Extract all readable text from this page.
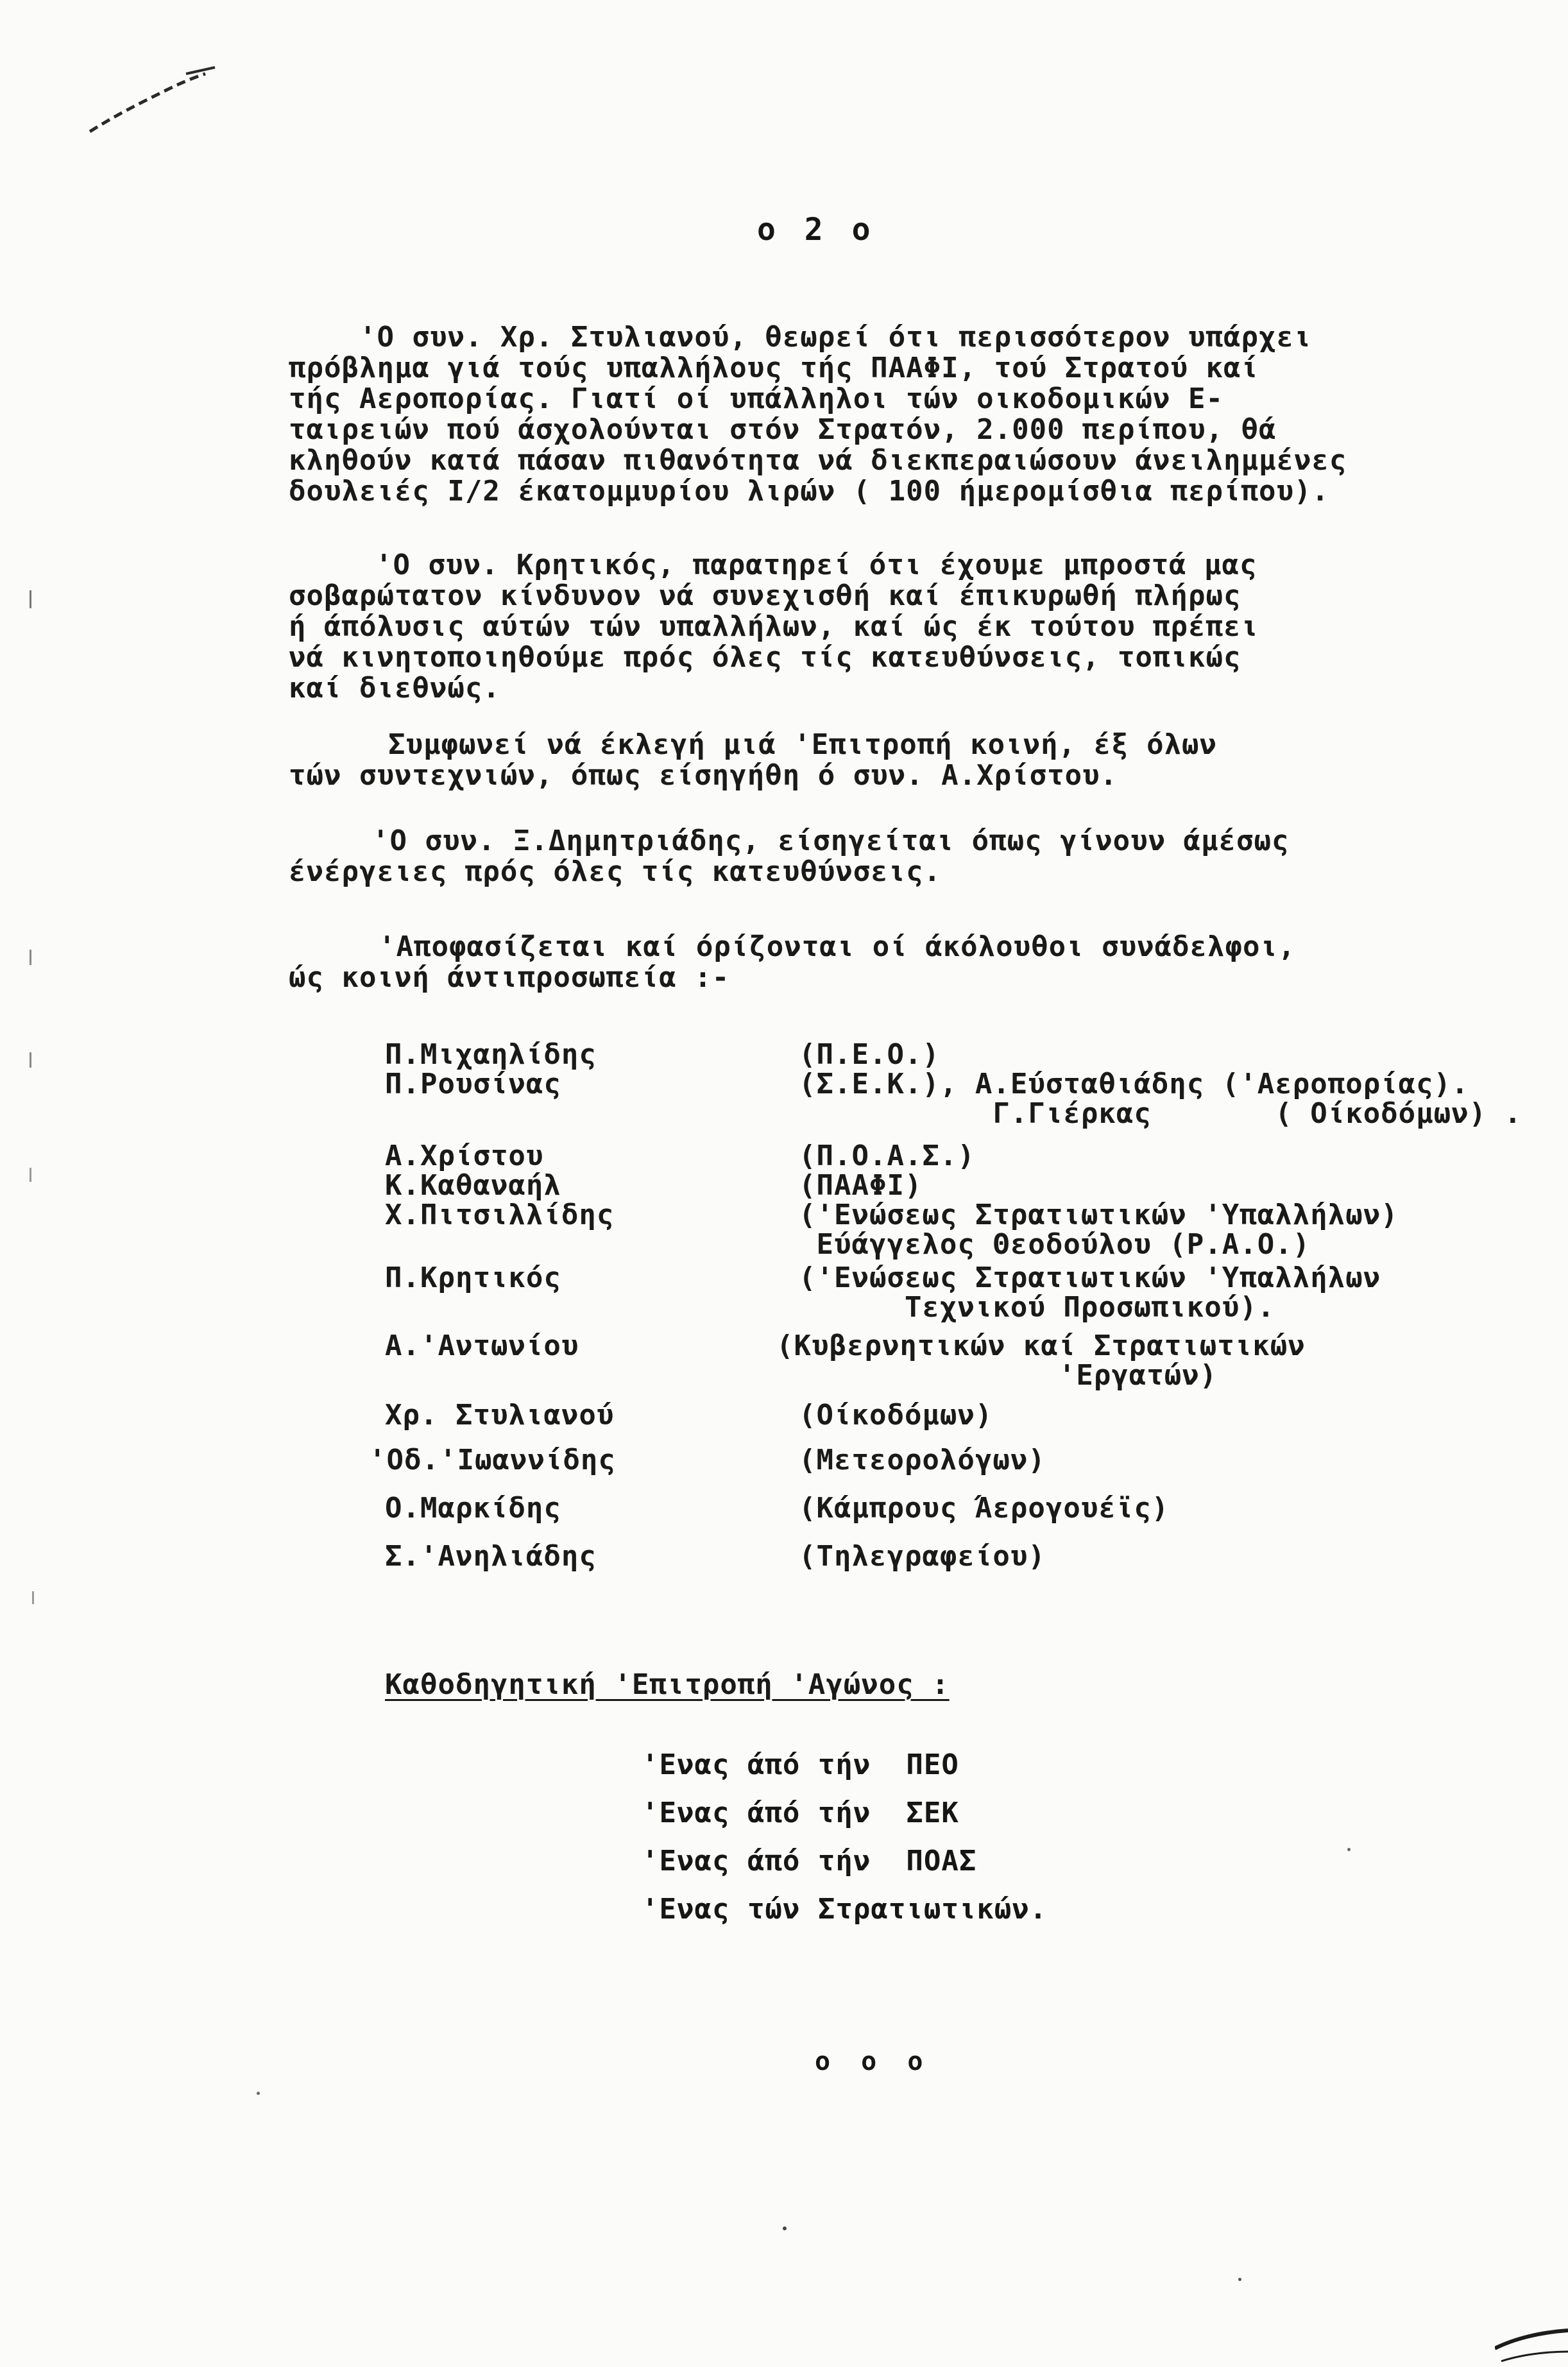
o 2 o
'Ο συν. Χρ. Στυλιανού, θεωρεί ότι περισσότερον υπάρχει
πρόβλημα γιά τούς υπαλλήλους τής ΠΑΑΦΙ, τού Στρατού καί
τής Αεροπορίας. Γιατί οί υπάλληλοι τών οικοδομικών Ε-
ταιρειών πού άσχολούνται στόν Στρατόν, 2.000 περίπου, θά
κληθούν κατά πάσαν πιθανότητα νά διεκπεραιώσουν άνειλημμένες
δουλειές I/2 έκατομμυρίου λιρών ( 100 ήμερομίσθια περίπου).
'Ο συν. Κρητικός, παρατηρεί ότι έχουμε μπροστά μας
σοβαρώτατον κίνδυνον νά συνεχισθή καί έπικυρωθή πλήρως
ή άπόλυσις αύτών τών υπαλλήλων, καί ώς έκ τούτου πρέπει
νά κινητοποιηθούμε πρός όλες τίς κατευθύνσεις, τοπικώς
καί διεθνώς.
Συμφωνεί νά έκλεγή μιά 'Επιτροπή κοινή, έξ όλων
τών συντεχνιών, όπως είσηγήθη ό συν. Α.Χρίστου.
'Ο συν. Ξ.Δημητριάδης, είσηγείται όπως γίνουν άμέσως
ένέργειες πρός όλες τίς κατευθύνσεις.
'Αποφασίζεται καί όρίζονται οί άκόλουθοι συνάδελφοι,
ώς κοινή άντιπροσωπεία :-
Π.Μιχαηλίδης	(Π.Ε.Ο.)
Π.Ρουσίνας	(Σ.Ε.Κ.), Α.Εύσταθιάδης ('Αεροπορίας).
Γ.Γιέρκας       ( Οίκοδόμων) .
Α.Χρίστου	(Π.Ο.Α.Σ.)
Κ.Καθαναήλ	(ΠΑΑΦΙ)
Χ.Πιτσιλλίδης	('Ενώσεως Στρατιωτικών 'Υπαλλήλων)
Εύάγγελος Θεοδούλου (Ρ.Α.Ο.)
Π.Κρητικός	('Ενώσεως Στρατιωτικών 'Υπαλλήλων
Τεχνικού Προσωπικού).
Α.'Αντωνίου	(Κυβερνητικών καί Στρατιωτικών
'Εργατών)
Χρ. Στυλιανού	(Οίκοδόμων)
'Οδ.'Ιωαννίδης	(Μετεορολόγων)
Ο.Μαρκίδης	(Κάμπρους Άερογουέϊς)
Σ.'Ανηλιάδης	(Τηλεγραφείου)
Καθοδηγητική 'Επιτροπή 'Αγώνος :
'Ενας άπό τήν  ΠΕΟ
'Ενας άπό τήν  ΣΕΚ
'Ενας άπό τήν  ΠΟΑΣ
'Ενας τών Στρατιωτικών.
o o o
